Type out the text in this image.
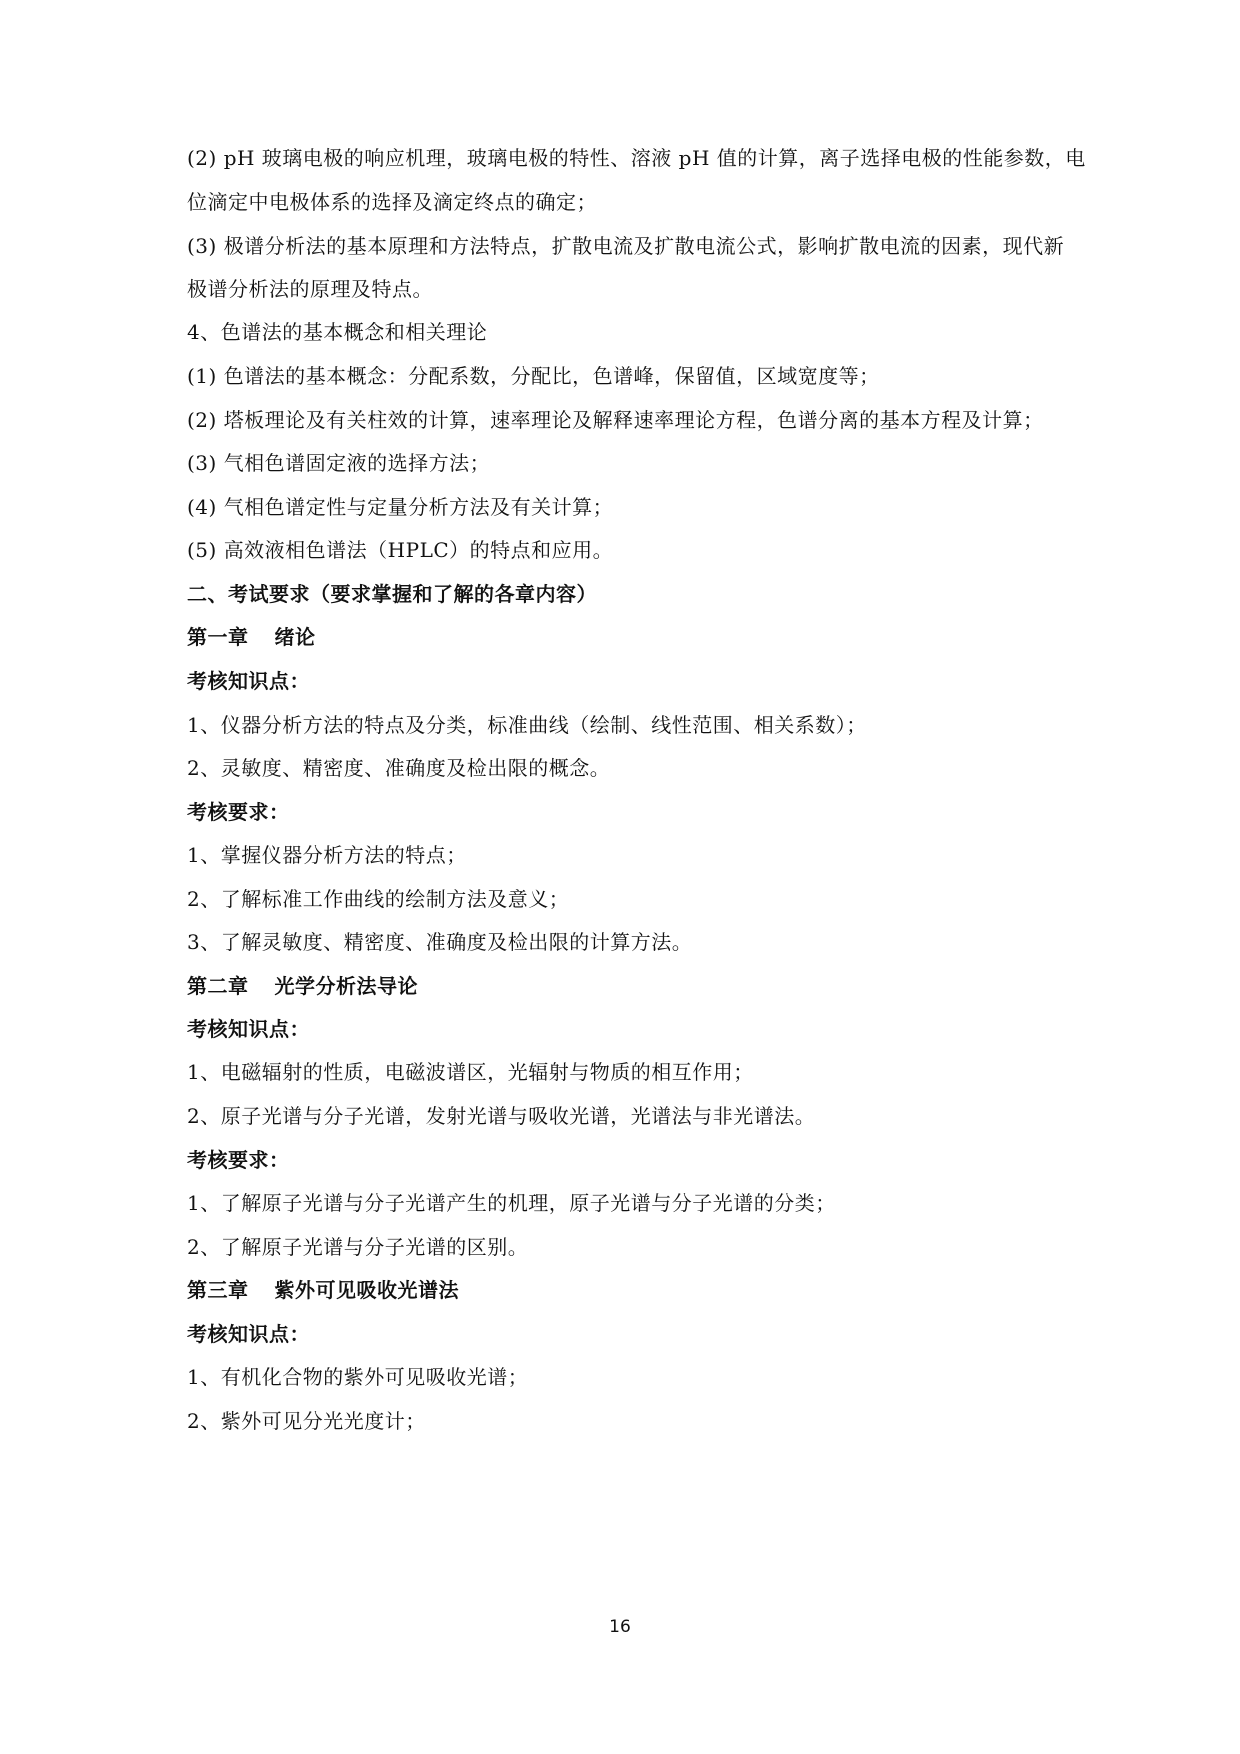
(2) pH 玻璃电极的响应机理，玻璃电极的特性、溶液 pH 值的计算，离子选择电极的性能参数，电
位滴定中电极体系的选择及滴定终点的确定；
(3) 极谱分析法的基本原理和方法特点，扩散电流及扩散电流公式，影响扩散电流的因素，现代新
极谱分析法的原理及特点。
4、色谱法的基本概念和相关理论
(1) 色谱法的基本概念：分配系数，分配比，色谱峰，保留值，区域宽度等；
(2) 塔板理论及有关柱效的计算，速率理论及解释速率理论方程，色谱分离的基本方程及计算；
(3) 气相色谱固定液的选择方法；
(4) 气相色谱定性与定量分析方法及有关计算；
(5) 高效液相色谱法（HPLC）的特点和应用。
二、考试要求（要求掌握和了解的各章内容）
第一章 绪论
考核知识点：
1、仪器分析方法的特点及分类，标准曲线（绘制、线性范围、相关系数）；
2、灵敏度、精密度、准确度及检出限的概念。
考核要求：
1、掌握仪器分析方法的特点；
2、了解标准工作曲线的绘制方法及意义；
3、了解灵敏度、精密度、准确度及检出限的计算方法。
第二章 光学分析法导论
考核知识点：
1、电磁辐射的性质，电磁波谱区，光辐射与物质的相互作用；
2、原子光谱与分子光谱，发射光谱与吸收光谱，光谱法与非光谱法。
考核要求：
1、了解原子光谱与分子光谱产生的机理，原子光谱与分子光谱的分类；
2、了解原子光谱与分子光谱的区别。
第三章 紫外可见吸收光谱法
考核知识点：
1、有机化合物的紫外可见吸收光谱；
2、紫外可见分光光度计；
16
